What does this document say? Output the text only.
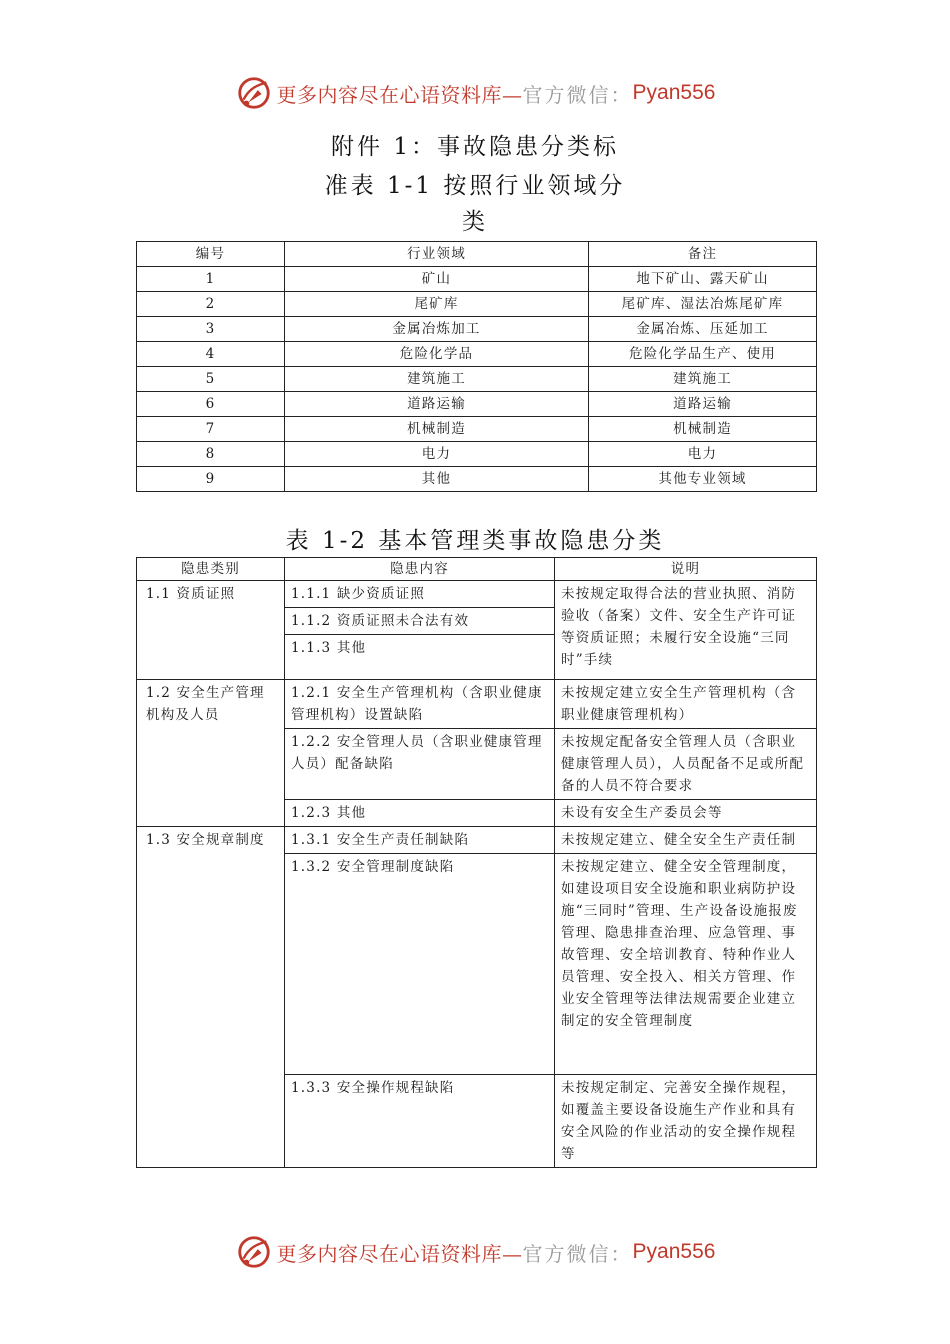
更多内容尽在心语资料库— 官方微信： Pyan556
附件 1：事故隐患分类标
准表 1-1 按照行业领域分
类
编号	行业领域	备注
1	矿山	地下矿山、露天矿山
2	尾矿库	尾矿库、湿法冶炼尾矿库
3	金属冶炼加工	金属冶炼、压延加工
4	危险化学品	危险化学品生产、使用
5	建筑施工	建筑施工
6	道路运输	道路运输
7	机械制造	机械制造
8	电力	电力
9	其他	其他专业领域
表 1-2 基本管理类事故隐患分类
隐患类别	隐患内容	说明
1.1 资质证照	1.1.1 缺少资质证照	未按规定取得合法的营业执照、消防验收（备案）文件、安全生产许可证等资质证照；未履行安全设施“三同时”手续
	1.1.2 资质证照未合法有效	
	1.1.3 其他	
1.2 安全生产管理机构及人员	1.2.1 安全生产管理机构（含职业健康管理机构）设置缺陷	未按规定建立安全生产管理机构（含职业健康管理机构）
	1.2.2 安全管理人员（含职业健康管理人员）配备缺陷	未按规定配备安全管理人员（含职业健康管理人员），人员配备不足或所配备的人员不符合要求
	1.2.3 其他	未设有安全生产委员会等
1.3 安全规章制度	1.3.1 安全生产责任制缺陷	未按规定建立、健全安全生产责任制
	1.3.2 安全管理制度缺陷	未按规定建立、健全安全管理制度，如建设项目安全设施和职业病防护设施“三同时”管理、生产设备设施报废管理、隐患排查治理、应急管理、事故管理、安全培训教育、特种作业人员管理、安全投入、相关方管理、作业安全管理等法律法规需要企业建立制定的安全管理制度
	1.3.3 安全操作规程缺陷	未按规定制定、完善安全操作规程，如覆盖主要设备设施生产作业和具有安全风险的作业活动的安全操作规程等
更多内容尽在心语资料库— 官方微信： Pyan556
